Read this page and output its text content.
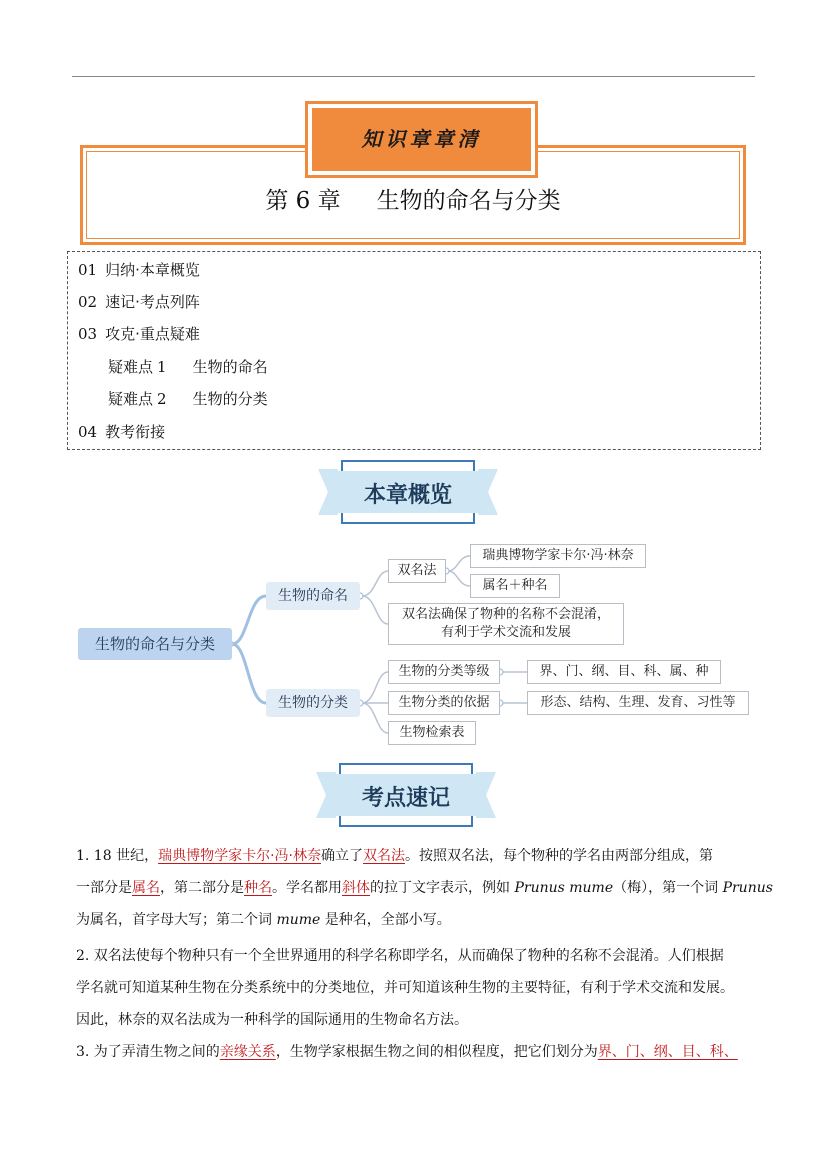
知识章章清
第 6 章 生物的命名与分类
01 归纳·本章概览
02 速记·考点列阵
03 攻克·重点疑难
疑难点 1 生物的命名
疑难点 2 生物的分类
04 教考衔接
本章概览
生物的命名与分类
生物的命名
生物的分类
双名法
瑞典博物学家卡尔·冯·林奈
属名＋种名
双名法确保了物种的名称不会混淆，
有利于学术交流和发展
生物的分类等级	界、门、纲、目、科、属、种
生物分类的依据	形态、结构、生理、发育、习性等
生物检索表
考点速记
1. 18 世纪，瑞典博物学家卡尔·冯·林奈确立了双名法。按照双名法，每个物种的学名由两部分组成，第
一部分是属名，第二部分是种名。学名都用斜体的拉丁文字表示，例如 Prunus mume（梅），第一个词 Prunus
为属名，首字母大写；第二个词 mume 是种名，全部小写。
2. 双名法使每个物种只有一个全世界通用的科学名称即学名，从而确保了物种的名称不会混淆。人们根据
学名就可知道某种生物在分类系统中的分类地位，并可知道该种生物的主要特征，有利于学术交流和发展。
因此，林奈的双名法成为一种科学的国际通用的生物命名方法。
3. 为了弄清生物之间的亲缘关系，生物学家根据生物之间的相似程度，把它们划分为界、门、纲、目、科、
